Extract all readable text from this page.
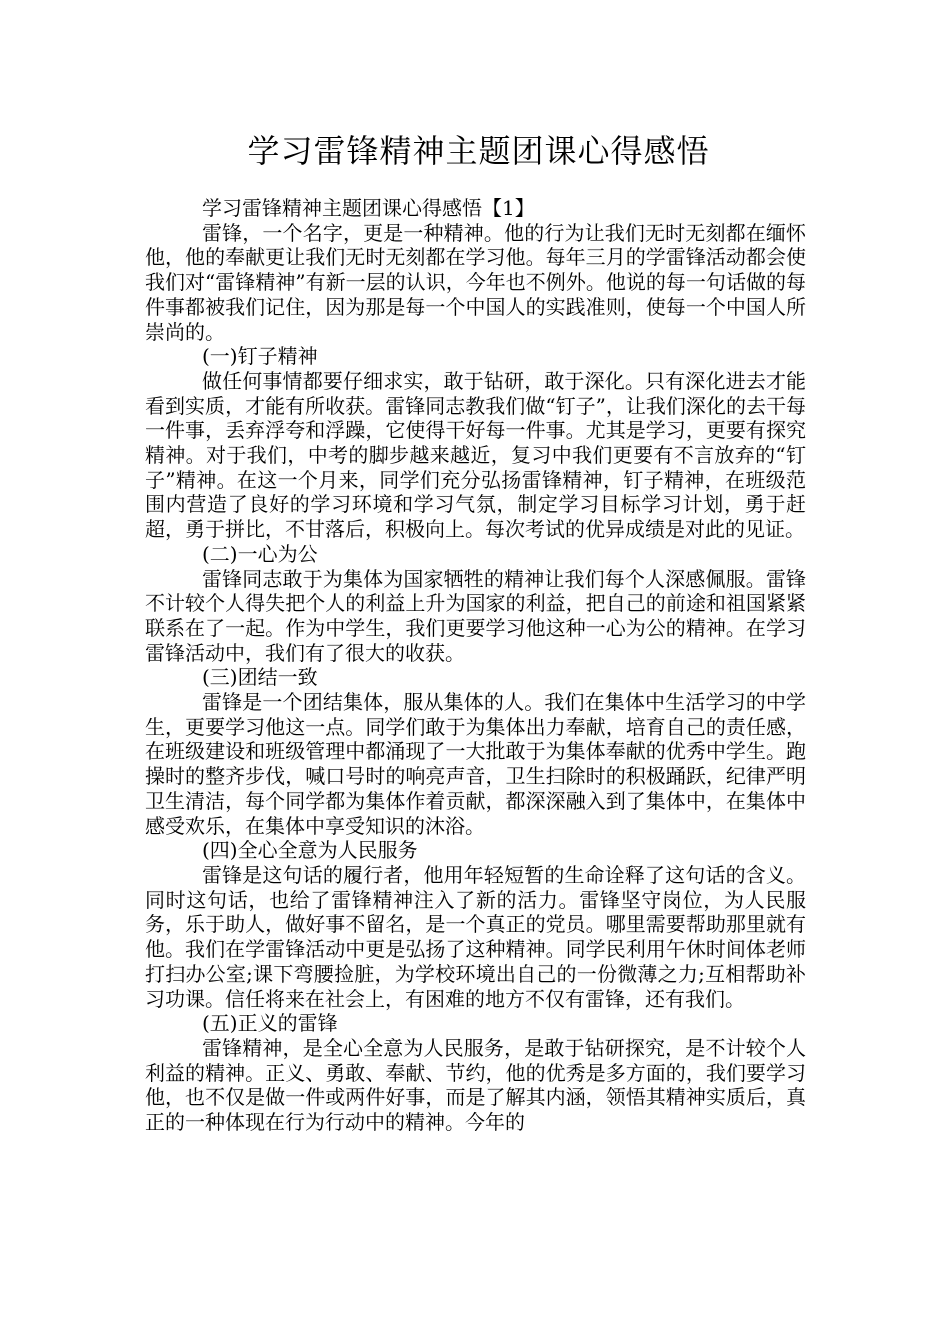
学习雷锋精神主题团课心得感悟

学习雷锋精神主题团课心得感悟【1】

雷锋，一个名字，更是一种精神。他的行为让我们无时无刻都在缅怀他，他的奉献更让我们无时无刻都在学习他。每年三月的学雷锋活动都会使我们对“雷锋精神”有新一层的认识，今年也不例外。他说的每一句话做的每件事都被我们记住，因为那是每一个中国人的实践准则，使每一个中国人所崇尚的。

(一)钉子精神

做任何事情都要仔细求实，敢于钻研，敢于深化。只有深化进去才能看到实质，才能有所收获。雷锋同志教我们做“钉子”，让我们深化的去干每一件事，丢弃浮夸和浮躁，它使得干好每一件事。尤其是学习，更要有探究精神。对于我们，中考的脚步越来越近，复习中我们更要有不言放弃的“钉子”精神。在这一个月来，同学们充分弘扬雷锋精神，钉子精神，在班级范围内营造了良好的学习环境和学习气氛，制定学习目标学习计划，勇于赶超，勇于拼比，不甘落后，积极向上。每次考试的优异成绩是对此的见证。

(二)一心为公

雷锋同志敢于为集体为国家牺牲的精神让我们每个人深感佩服。雷锋不计较个人得失把个人的利益上升为国家的利益，把自己的前途和祖国紧紧联系在了一起。作为中学生，我们更要学习他这种一心为公的精神。在学习雷锋活动中，我们有了很大的收获。

(三)团结一致

雷锋是一个团结集体，服从集体的人。我们在集体中生活学习的中学生，更要学习他这一点。同学们敢于为集体出力奉献，培育自己的责任感，在班级建设和班级管理中都涌现了一大批敢于为集体奉献的优秀中学生。跑操时的整齐步伐，喊口号时的响亮声音，卫生扫除时的积极踊跃，纪律严明卫生清洁，每个同学都为集体作着贡献，都深深融入到了集体中，在集体中感受欢乐，在集体中享受知识的沐浴。

(四)全心全意为人民服务

雷锋是这句话的履行者，他用年轻短暂的生命诠释了这句话的含义。同时这句话，也给了雷锋精神注入了新的活力。雷锋坚守岗位，为人民服务，乐于助人，做好事不留名，是一个真正的党员。哪里需要帮助那里就有他。我们在学雷锋活动中更是弘扬了这种精神。同学民利用午休时间体老师打扫办公室;课下弯腰捡脏，为学校环境出自己的一份微薄之力;互相帮助补习功课。信任将来在社会上，有困难的地方不仅有雷锋，还有我们。

(五)正义的雷锋

雷锋精神，是全心全意为人民服务，是敢于钻研探究，是不计较个人利益的精神。正义、勇敢、奉献、节约，他的优秀是多方面的，我们要学习他，也不仅是做一件或两件好事，而是了解其内涵，领悟其精神实质后，真正的一种体现在行为行动中的精神。今年的
